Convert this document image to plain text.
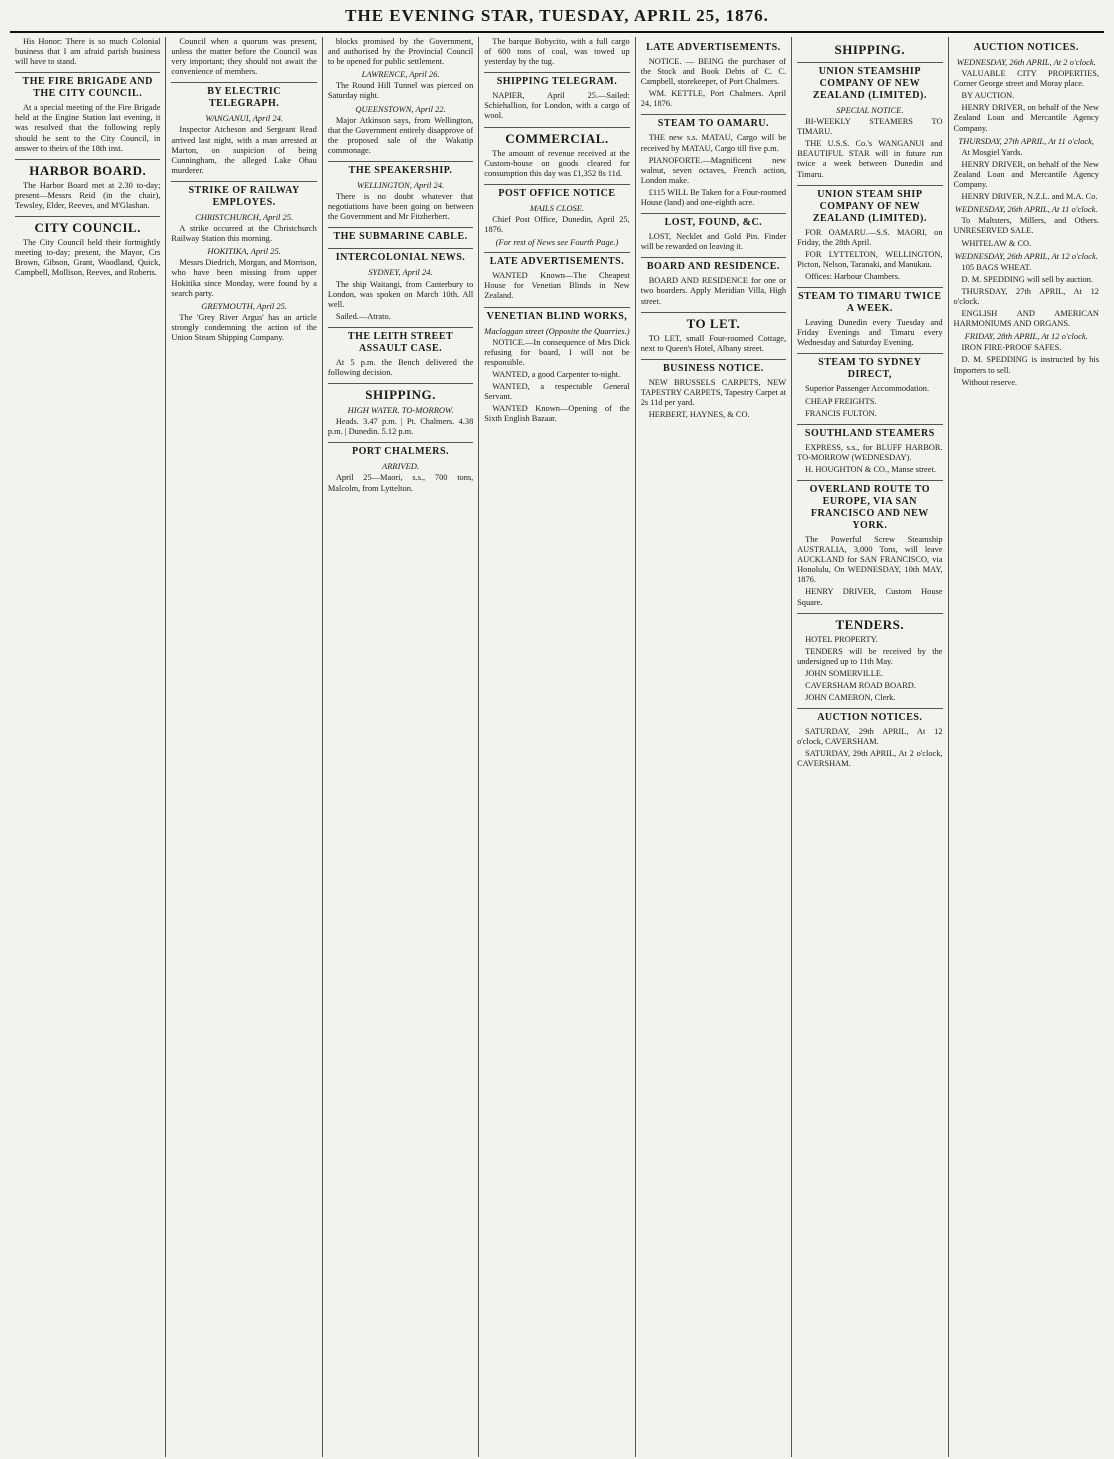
THE EVENING STAR, TUESDAY, APRIL 25, 1876.

His Honor: There is so much Colonial business that I am afraid parish business will have to stand.

THE FIRE BRIGADE AND THE CITY COUNCIL.

At a special meeting of the Fire Brigade held at the Engine Station last evening, it was resolved that the following reply should be sent to the City Council, in answer to theirs of the 18th inst.

HARBOR BOARD.

The Harbor Board met at 2.30 to-day; present—Messrs Reid (in the chair), Tewsley, Elder, Reeves, and M'Glashan.

CITY COUNCIL.

The City Council held their fortnightly meeting to-day; present, the Mayor, Crs Brown, Gibson, Grant, Woodland, Quick, Campbell, Mollison, Reeves, and Roberts.

Council when a quorum was present, unless the matter before the Council was very important; they should not await the convenience of members.

BY ELECTRIC TELEGRAPH.
WANGANUI, April 24.

Inspector Atcheson and Sergeant Read arrived last night, with a man arrested at Marton, on suspicion of being Cunningham, the alleged Lake Ohau murderer.

STRIKE OF RAILWAY EMPLOYES.
CHRISTCHURCH, April 25.

A strike occurred at the Christchurch Railway Station this morning.

HOKITIKA, April 25.

Messrs Diedrich, Morgan, and Morrison, who have been missing from upper Hokitika since Monday, were found by a search party.

GREYMOUTH, April 25.

The 'Grey River Argus' has an article strongly condemning the action of the Union Steam Shipping Company.

blocks promised by the Government, and authorised by the Provincial Council to be opened for public settlement.

LAWRENCE, April 26.

The Round Hill Tunnel was pierced on Saturday night.

QUEENSTOWN, April 22.

Major Atkinson says, from Wellington, that the Government entirely disapprove of the proposed sale of the Wakatip commonage.

THE SPEAKERSHIP.
WELLINGTON, April 24.

There is no doubt whatever that negotiations have been going on between the Government and Mr Fitzherbert.

THE SUBMARINE CABLE.
INTERCOLONIAL NEWS.
SYDNEY, April 24.

The ship Waitangi, from Canterbury to London, was spoken on March 10th. All well.

Sailed.—Atrato.

THE LEITH STREET ASSAULT CASE.

At 5 p.m. the Bench delivered the following decision.

SHIPPING.
HIGH WATER. TO-MORROW.

Heads. 3.47 p.m. | Pt. Chalmers. 4.38 p.m. | Dunedin. 5.12 p.m.

PORT CHALMERS.
ARRIVED.

April 25—Maori, s.s., 700 tons, Malcolm, from Lyttelton.

The barque Bobycito, with a full cargo of 600 tons of coal, was towed up yesterday by the tug.

SHIPPING TELEGRAM.

NAPIER, April 25.—Sailed: Schiehallion, for London, with a cargo of wool.

COMMERCIAL.

The amount of revenue received at the Custom-house on goods cleared for consumption this day was £1,352 8s 11d.

POST OFFICE NOTICE
MAILS CLOSE.

Chief Post Office, Dunedin, April 25, 1876.

(For rest of News see Fourth Page.)
LATE ADVERTISEMENTS.

WANTED Known—The Cheapest House for Venetian Blinds in New Zealand.

VENETIAN BLIND WORKS,
Maclaggan street (Opposite the Quarries.)

NOTICE.—In consequence of Mrs Dick refusing for board, I will not be responsible.

WANTED, a good Carpenter to-night.

WANTED, a respectable General Servant.

WANTED Known—Opening of the Sixth English Bazaar.

LATE ADVERTISEMENTS.

NOTICE. — BEING the purchaser of the Stock and Book Debts of C. C. Campbell, storekeeper, of Port Chalmers.

WM. KETTLE, Port Chalmers. April 24, 1876.

STEAM TO OAMARU.

THE new s.s. MATAU, Cargo will be received by MATAU, Cargo till five p.m.

PIANOFORTE.—Magnificent new walnut, seven octaves, French action, London make.

£115 WILL Be Taken for a Four-roomed House (land) and one-eighth acre.

LOST, FOUND, &C.

LOST, Necklet and Gold Pin. Finder will be rewarded on leaving it.

BOARD AND RESIDENCE.

BOARD AND RESIDENCE for one or two boarders. Apply Meridian Villa, High street.

TO LET.

TO LET, small Four-roomed Cottage, next to Queen's Hotel, Albany street.

BUSINESS NOTICE.

NEW BRUSSELS CARPETS, NEW TAPESTRY CARPETS, Tapestry Carpet at 2s 11d per yard.

HERBERT, HAYNES, & CO.

SHIPPING.
UNION STEAMSHIP COMPANY OF NEW ZEALAND (LIMITED).
SPECIAL NOTICE.

BI-WEEKLY STEAMERS TO TIMARU.

THE U.S.S. Co.'s WANGANUI and BEAUTIFUL STAR will in future run twice a week between Dunedin and Timaru.

UNION STEAM SHIP COMPANY OF NEW ZEALAND (LIMITED).

FOR OAMARU.—S.S. MAORI, on Friday, the 28th April.

FOR LYTTELTON, WELLINGTON, Picton, Nelson, Taranaki, and Manukau.

Offices: Harbour Chambers.

STEAM TO TIMARU TWICE A WEEK.

Leaving Dunedin every Tuesday and Friday Evenings and Timaru every Wednesday and Saturday Evening.

STEAM TO SYDNEY DIRECT,

Superior Passenger Accommodation.

CHEAP FREIGHTS.

FRANCIS FULTON.

SOUTHLAND STEAMERS

EXPRESS, s.s., for BLUFF HARBOR. TO-MORROW (WEDNESDAY).

H. HOUGHTON & CO., Manse street.

OVERLAND ROUTE TO EUROPE, VIA SAN FRANCISCO AND NEW YORK.

The Powerful Screw Steamship AUSTRALIA, 3,000 Tons, will leave AUCKLAND for SAN FRANCISCO, via Honolulu, On WEDNESDAY, 10th MAY, 1876.

HENRY DRIVER, Custom House Square.

TENDERS.

HOTEL PROPERTY.

TENDERS will be received by the undersigned up to 11th May.

JOHN SOMERVILLE.

CAVERSHAM ROAD BOARD.

JOHN CAMERON, Clerk.

AUCTION NOTICES.

SATURDAY, 29th APRIL, At 12 o'clock, CAVERSHAM.

SATURDAY, 29th APRIL, At 2 o'clock, CAVERSHAM.

AUCTION NOTICES.
WEDNESDAY, 26th APRIL, At 2 o'clock.

VALUABLE CITY PROPERTIES, Corner George street and Moray place.

BY AUCTION.

HENRY DRIVER, on behalf of the New Zealand Loan and Mercantile Agency Company.

THURSDAY, 27th APRIL, At 11 o'clock,

At Mosgiel Yards.

HENRY DRIVER, on behalf of the New Zealand Loan and Mercantile Agency Company.

HENRY DRIVER, N.Z.L. and M.A. Co.

WEDNESDAY, 26th APRIL, At 11 o'clock.

To Maltsters, Millers, and Others. UNRESERVED SALE.

WHITELAW & CO.

WEDNESDAY, 26th APRIL, At 12 o'clock.

105 BAGS WHEAT.

D. M. SPEDDING will sell by auction.

THURSDAY, 27th APRIL, At 12 o'clock.

ENGLISH AND AMERICAN HARMONIUMS AND ORGANS.

FRIDAY, 28th APRIL, At 12 o'clock.

IRON FIRE-PROOF SAFES.

D. M. SPEDDING is instructed by his Importers to sell.

Without reserve.
